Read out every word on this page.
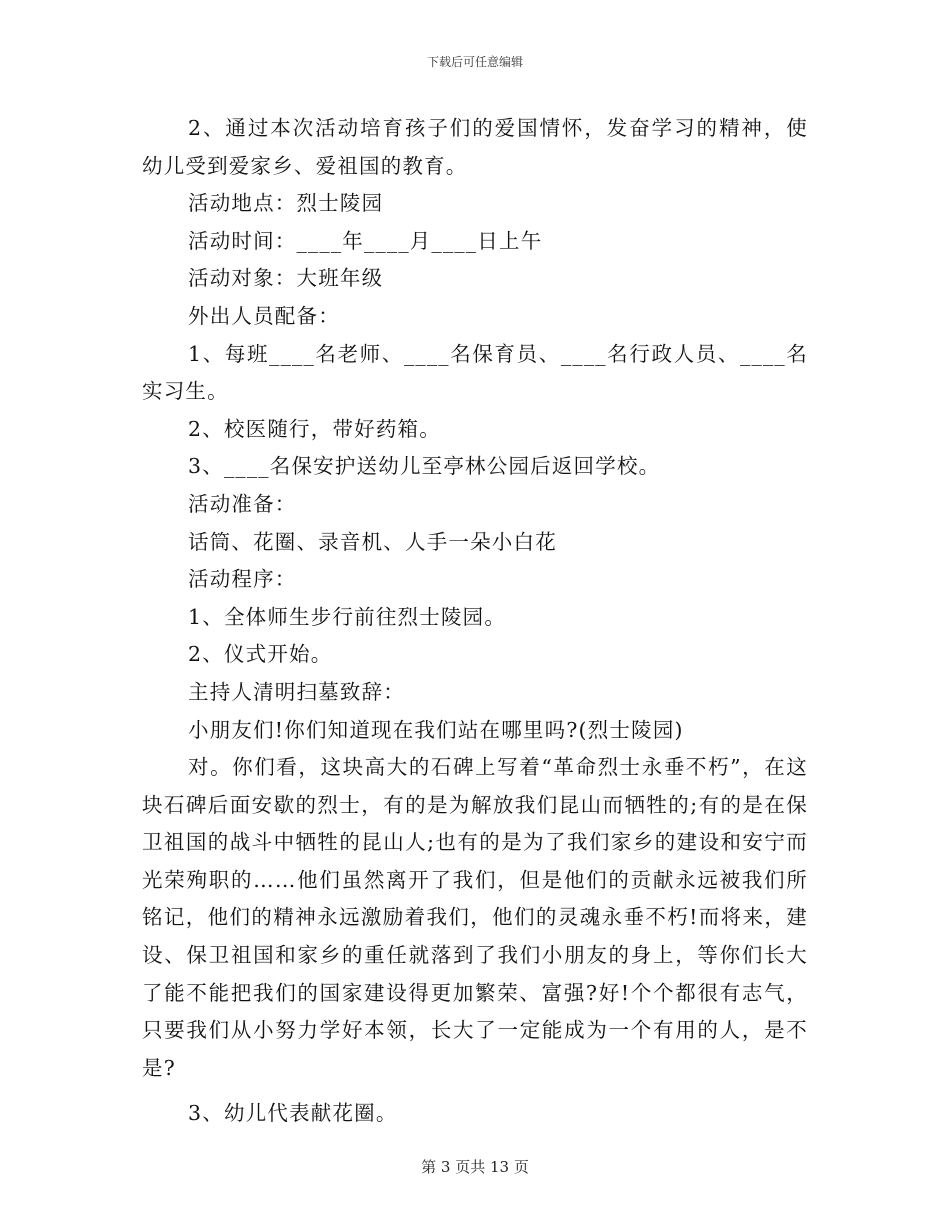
下载后可任意编辑

2、通过本次活动培育孩子们的爱国情怀，发奋学习的精神，使幼儿受到爱家乡、爱祖国的教育。

活动地点：烈士陵园

活动时间：____年____月____日上午

活动对象：大班年级

外出人员配备：

1、每班____名老师、____名保育员、____名行政人员、____名实习生。

2、校医随行，带好药箱。

3、____名保安护送幼儿至亭林公园后返回学校。

活动准备：

话筒、花圈、录音机、人手一朵小白花

活动程序：

1、全体师生步行前往烈士陵园。

2、仪式开始。

主持人清明扫墓致辞：

小朋友们!你们知道现在我们站在哪里吗?(烈士陵园)

对。你们看，这块高大的石碑上写着“革命烈士永垂不朽”，在这块石碑后面安歇的烈士，有的是为解放我们昆山而牺牲的;有的是在保卫祖国的战斗中牺牲的昆山人;也有的是为了我们家乡的建设和安宁而光荣殉职的……他们虽然离开了我们，但是他们的贡献永远被我们所铭记，他们的精神永远激励着我们，他们的灵魂永垂不朽!而将来，建设、保卫祖国和家乡的重任就落到了我们小朋友的身上，等你们长大了能不能把我们的国家建设得更加繁荣、富强?好!个个都很有志气，只要我们从小努力学好本领，长大了一定能成为一个有用的人，是不是?

3、幼儿代表献花圈。

第 3 页共 13 页
